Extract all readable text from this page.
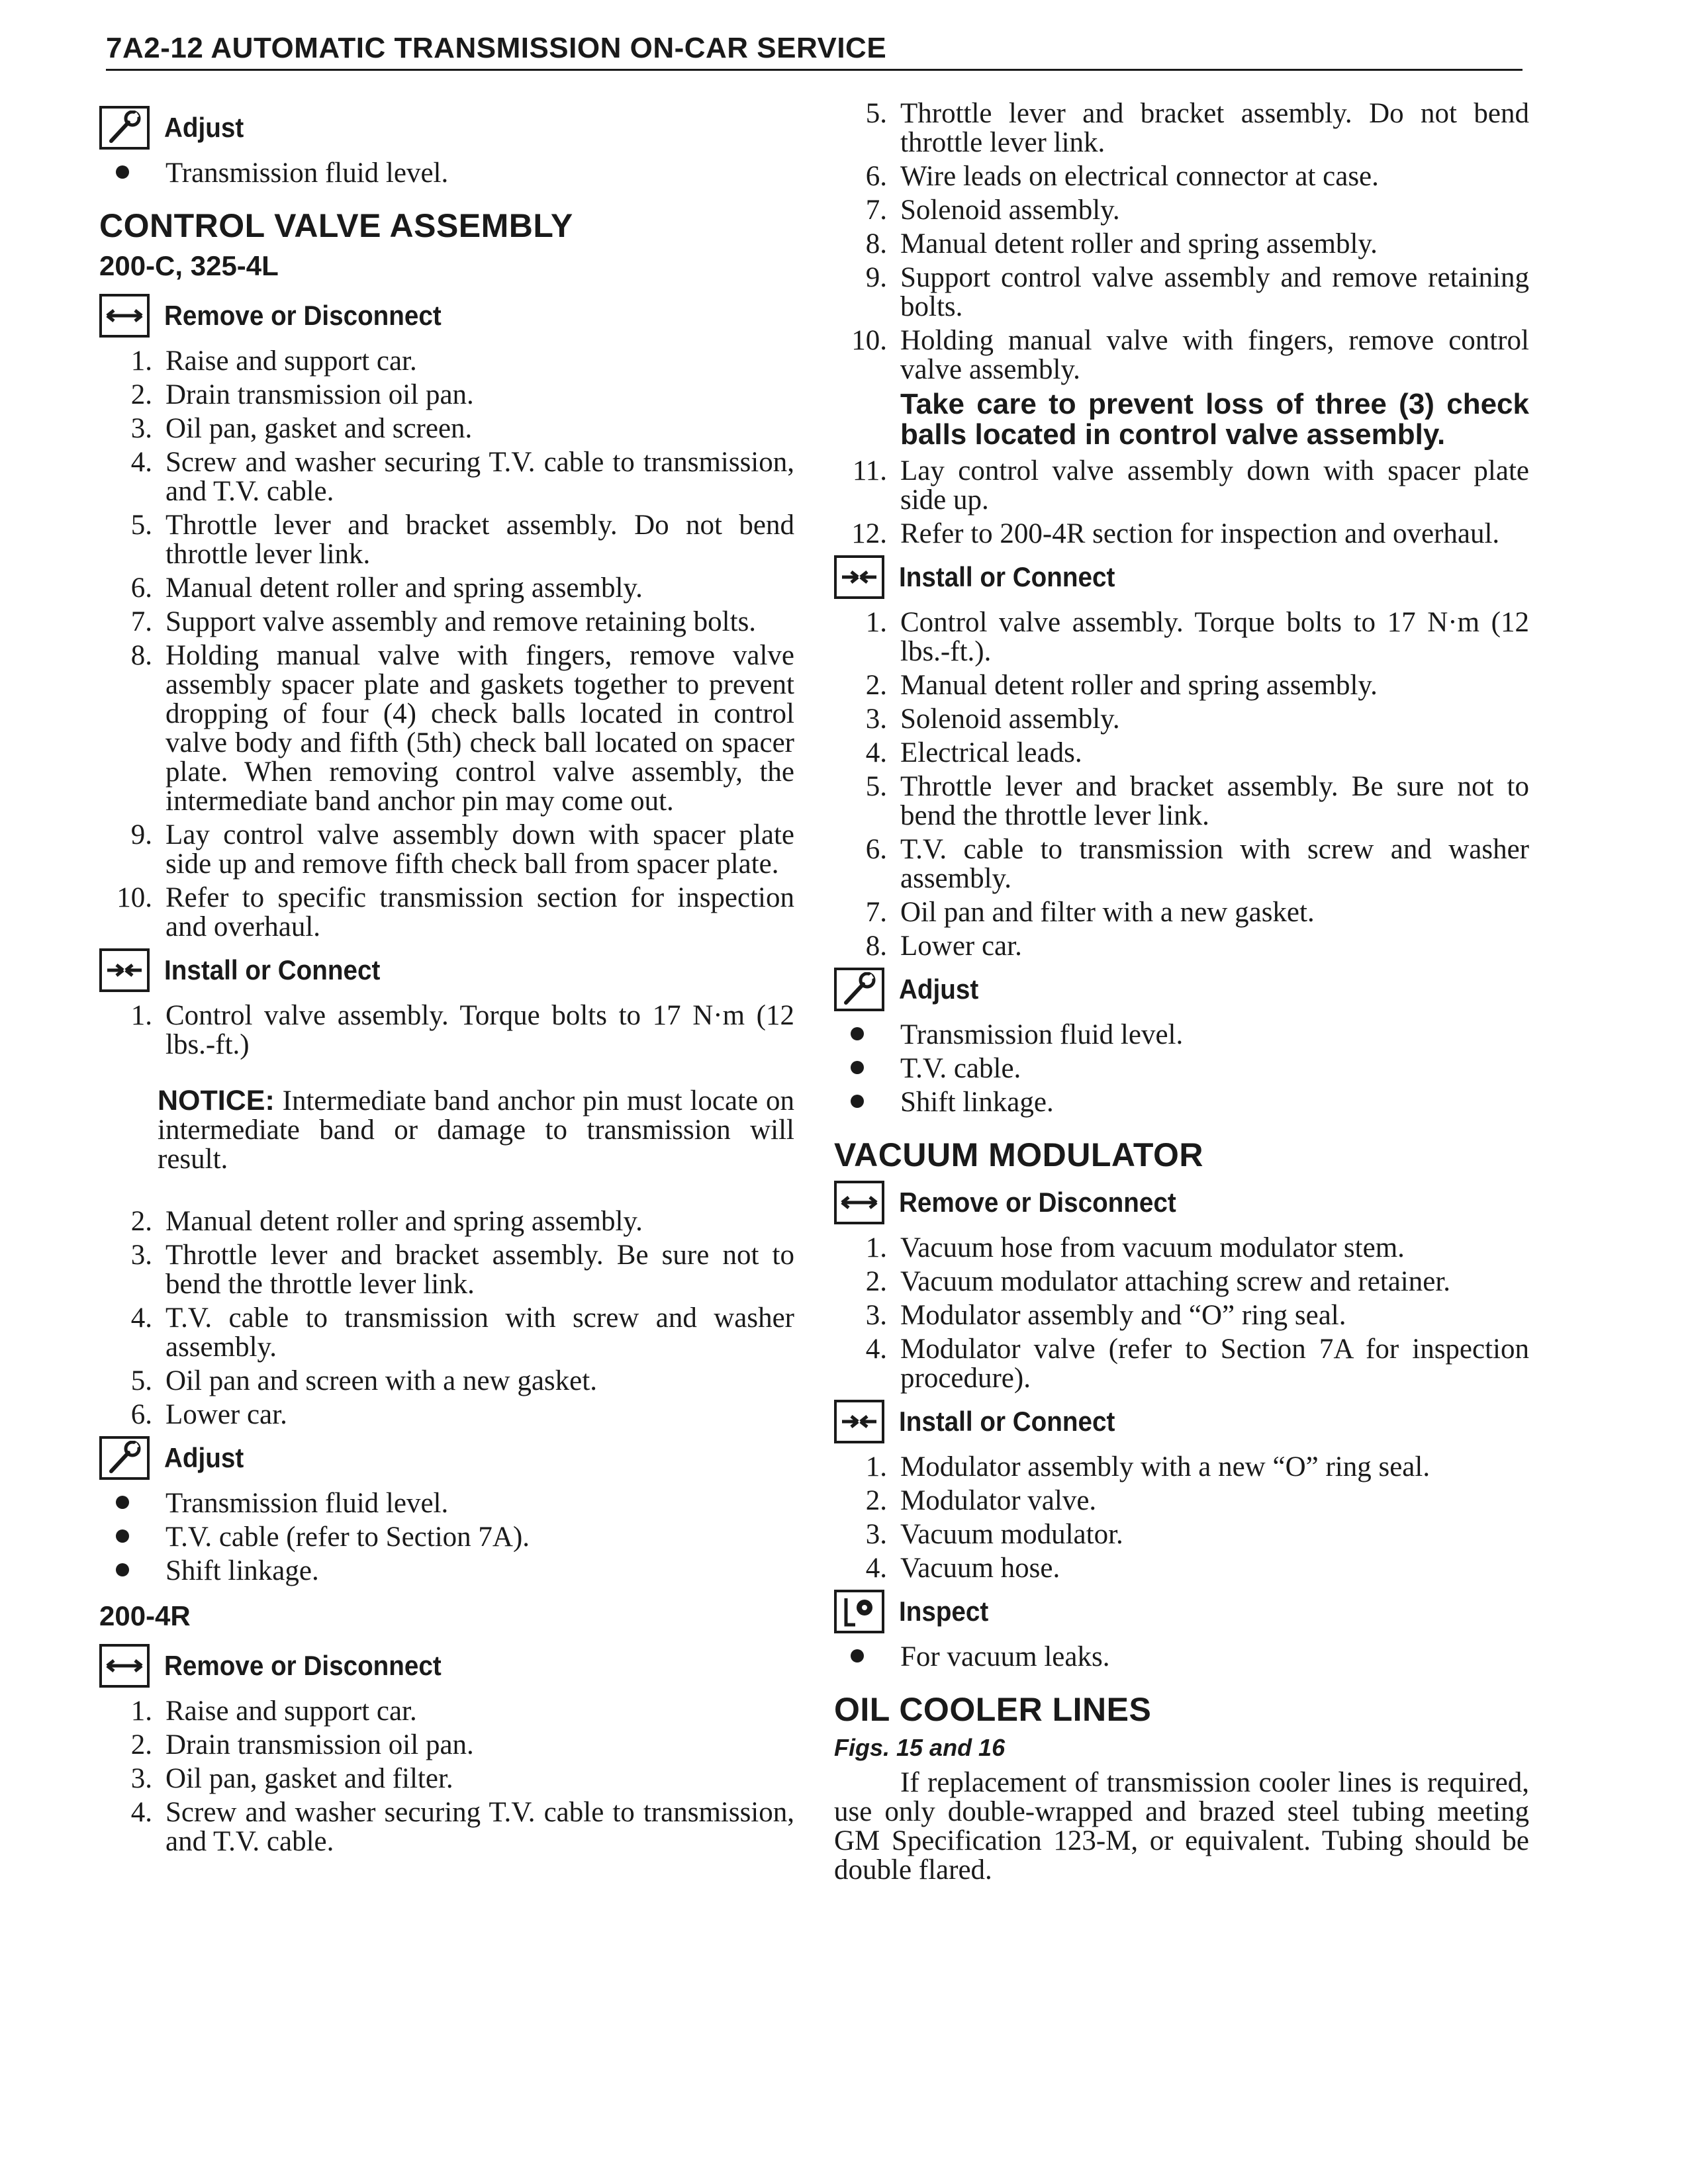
7A2-12 AUTOMATIC TRANSMISSION ON-CAR SERVICE
Adjust
Transmission fluid level.
CONTROL VALVE ASSEMBLY
200-C, 325-4L
Remove or Disconnect
1. Raise and support car.
2. Drain transmission oil pan.
3. Oil pan, gasket and screen.
4. Screw and washer securing T.V. cable to transmission, and T.V. cable.
5. Throttle lever and bracket assembly. Do not bend throttle lever link.
6. Manual detent roller and spring assembly.
7. Support valve assembly and remove retaining bolts.
8. Holding manual valve with fingers, remove valve assembly spacer plate and gaskets together to prevent dropping of four (4) check balls located in control valve body and fifth (5th) check ball located on spacer plate. When removing control valve assembly, the intermediate band anchor pin may come out.
9. Lay control valve assembly down with spacer plate side up and remove fifth check ball from spacer plate.
10. Refer to specific transmission section for inspection and overhaul.
Install or Connect
1. Control valve assembly. Torque bolts to 17 N·m (12 lbs.-ft.)
NOTICE: Intermediate band anchor pin must locate on intermediate band or damage to transmission will result.
2. Manual detent roller and spring assembly.
3. Throttle lever and bracket assembly. Be sure not to bend the throttle lever link.
4. T.V. cable to transmission with screw and washer assembly.
5. Oil pan and screen with a new gasket.
6. Lower car.
Adjust
Transmission fluid level.
T.V. cable (refer to Section 7A).
Shift linkage.
200-4R
Remove or Disconnect
1. Raise and support car.
2. Drain transmission oil pan.
3. Oil pan, gasket and filter.
4. Screw and washer securing T.V. cable to transmission, and T.V. cable.
5. Throttle lever and bracket assembly. Do not bend throttle lever link.
6. Wire leads on electrical connector at case.
7. Solenoid assembly.
8. Manual detent roller and spring assembly.
9. Support control valve assembly and remove retaining bolts.
10. Holding manual valve with fingers, remove control valve assembly.
Take care to prevent loss of three (3) check balls located in control valve assembly.
11. Lay control valve assembly down with spacer plate side up.
12. Refer to 200-4R section for inspection and overhaul.
Install or Connect
1. Control valve assembly. Torque bolts to 17 N·m (12 lbs.-ft.).
2. Manual detent roller and spring assembly.
3. Solenoid assembly.
4. Electrical leads.
5. Throttle lever and bracket assembly. Be sure not to bend the throttle lever link.
6. T.V. cable to transmission with screw and washer assembly.
7. Oil pan and filter with a new gasket.
8. Lower car.
Adjust
Transmission fluid level.
T.V. cable.
Shift linkage.
VACUUM MODULATOR
Remove or Disconnect
1. Vacuum hose from vacuum modulator stem.
2. Vacuum modulator attaching screw and retainer.
3. Modulator assembly and “O” ring seal.
4. Modulator valve (refer to Section 7A for inspection procedure).
Install or Connect
1. Modulator assembly with a new “O” ring seal.
2. Modulator valve.
3. Vacuum modulator.
4. Vacuum hose.
Inspect
For vacuum leaks.
OIL COOLER LINES
Figs. 15 and 16

If replacement of transmission cooler lines is required, use only double-wrapped and brazed steel tubing meeting GM Specification 123-M, or equivalent. Tubing should be double flared.
